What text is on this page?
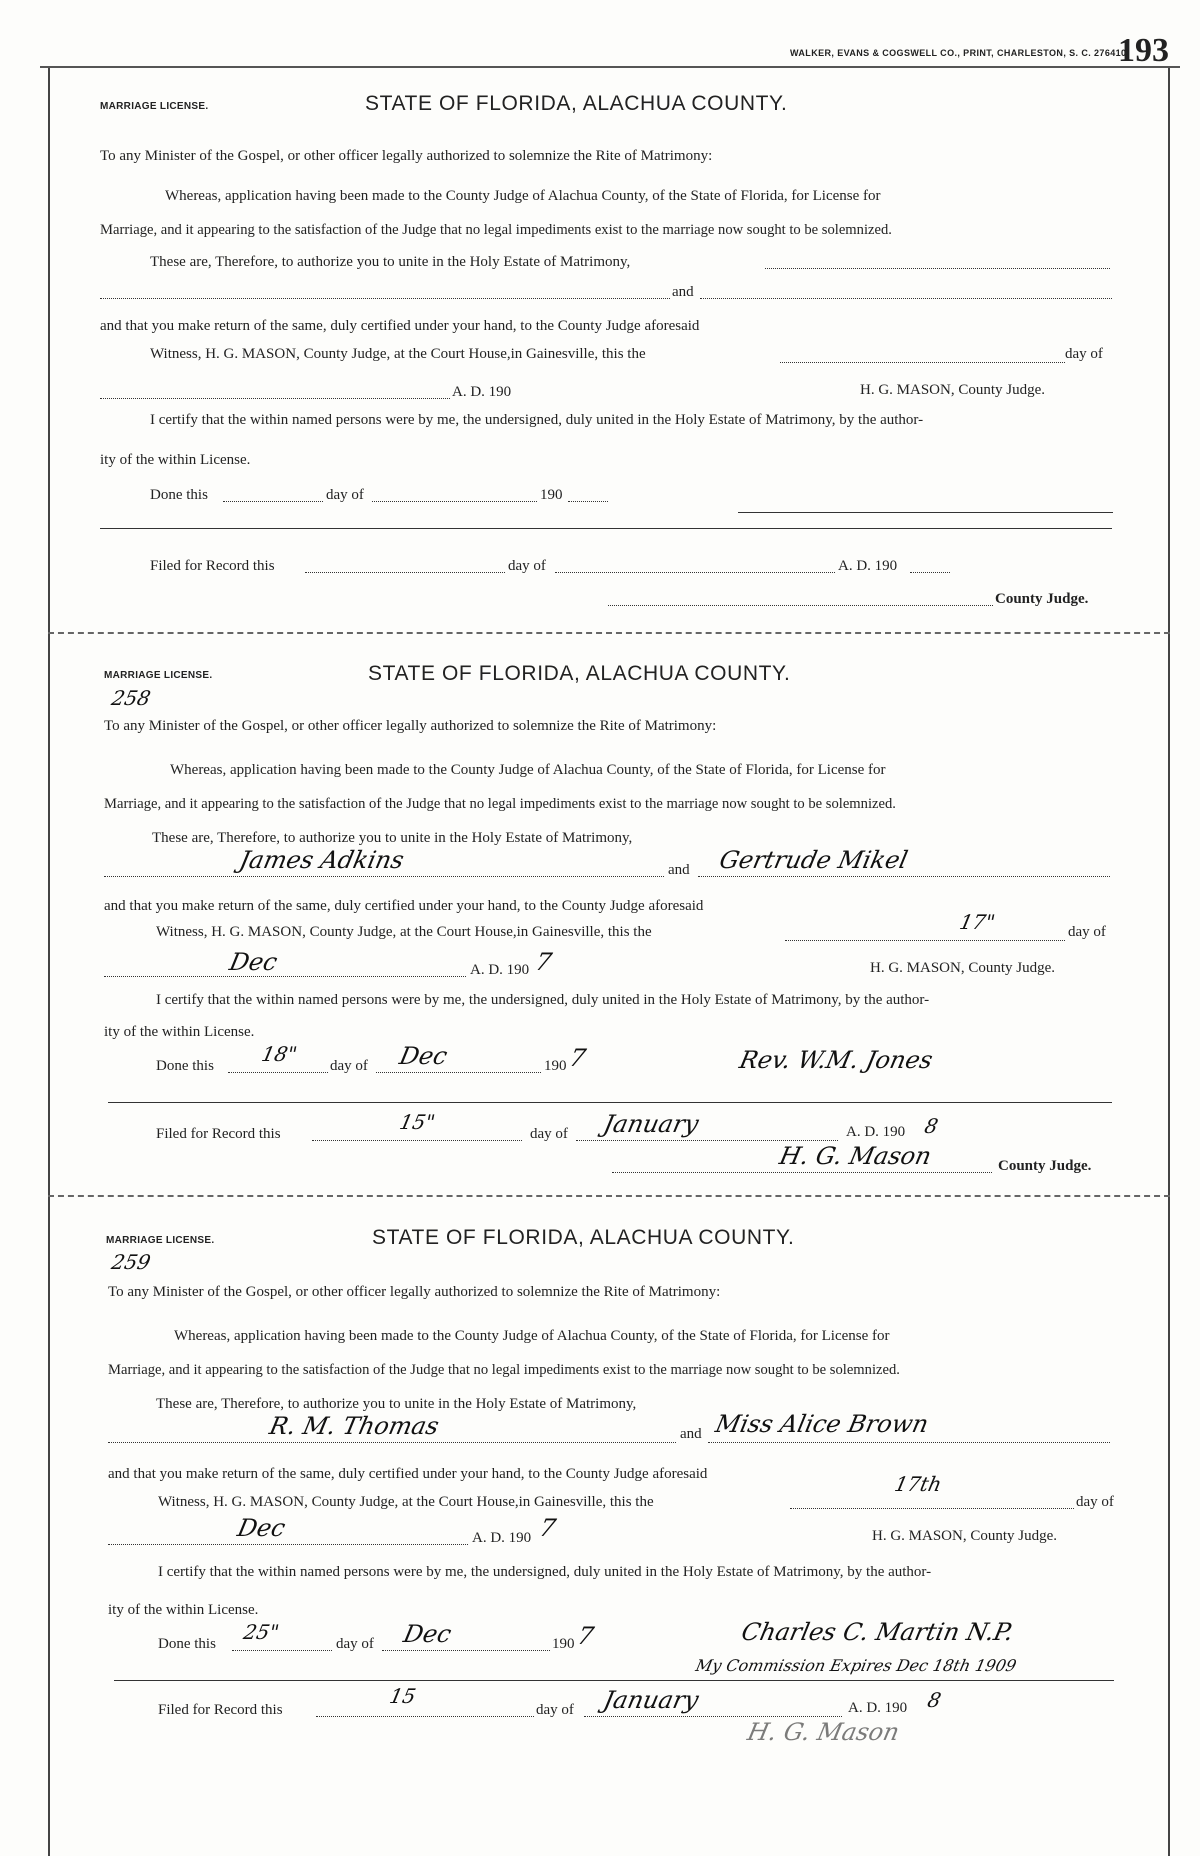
WALKER, EVANS & COGSWELL CO., PRINT, CHARLESTON, S. C. 276410
193
MARRIAGE LICENSE.	STATE OF FLORIDA, ALACHUA COUNTY.
To any Minister of the Gospel, or other officer legally authorized to solemnize the Rite of Matrimony:
Whereas, application having been made to the County Judge of Alachua County, of the State of Florida, for License for
Marriage, and it appearing to the satisfaction of the Judge that no legal impediments exist to the marriage now sought to be solemnized.
These are, Therefore, to authorize you to unite in the Holy Estate of Matrimony,
and
and that you make return of the same, duly certified under your hand, to the County Judge aforesaid
Witness, H. G. MASON, County Judge, at the Court House,in Gainesville, this the	day of
A. D. 190	H. G. MASON, County Judge.
I certify that the within named persons were by me, the undersigned, duly united in the Holy Estate of Matrimony, by the author-
ity of the within License.
Done this	day of	190
Filed for Record this	day of	A. D. 190
County Judge.
MARRIAGE LICENSE.
258
STATE OF FLORIDA, ALACHUA COUNTY.
To any Minister of the Gospel, or other officer legally authorized to solemnize the Rite of Matrimony:
Whereas, application having been made to the County Judge of Alachua County, of the State of Florida, for License for
Marriage, and it appearing to the satisfaction of the Judge that no legal impediments exist to the marriage now sought to be solemnized.
These are, Therefore, to authorize you to unite in the Holy Estate of Matrimony,
James Adkins	and Gertrude Mikel
and that you make return of the same, duly certified under your hand, to the County Judge aforesaid
Witness, H. G. MASON, County Judge, at the Court House,in Gainesville, this the	17"	day of
Dec	A. D. 190 7	H. G. MASON, County Judge.
I certify that the within named persons were by me, the undersigned, duly united in the Holy Estate of Matrimony, by the author-
ity of the within License.
Done this 18" day of Dec	190 7	Rev. W.M. Jones
Filed for Record this	15"	day of January	A. D. 190 8
H. G. Mason	County Judge.
MARRIAGE LICENSE.
259
STATE OF FLORIDA, ALACHUA COUNTY.
To any Minister of the Gospel, or other officer legally authorized to solemnize the Rite of Matrimony:
Whereas, application having been made to the County Judge of Alachua County, of the State of Florida, for License for
Marriage, and it appearing to the satisfaction of the Judge that no legal impediments exist to the marriage now sought to be solemnized.
These are, Therefore, to authorize you to unite in the Holy Estate of Matrimony,
R. M. Thomas	and Miss Alice Brown
and that you make return of the same, duly certified under your hand, to the County Judge aforesaid
Witness, H. G. MASON, County Judge, at the Court House,in Gainesville, this the
17th
day of
Dec	A. D. 190 7	H. G. MASON, County Judge.
I certify that the within named persons were by me, the undersigned, duly united in the Holy Estate of Matrimony, by the author-
ity of the within License.
Done this 25"	day of Dec	190 7	Charles C. Martin N.P.
My Commission Expires Dec 18th 1909
Filed for Record this
15
day of January	A. D. 190 8
H. G. Mason
